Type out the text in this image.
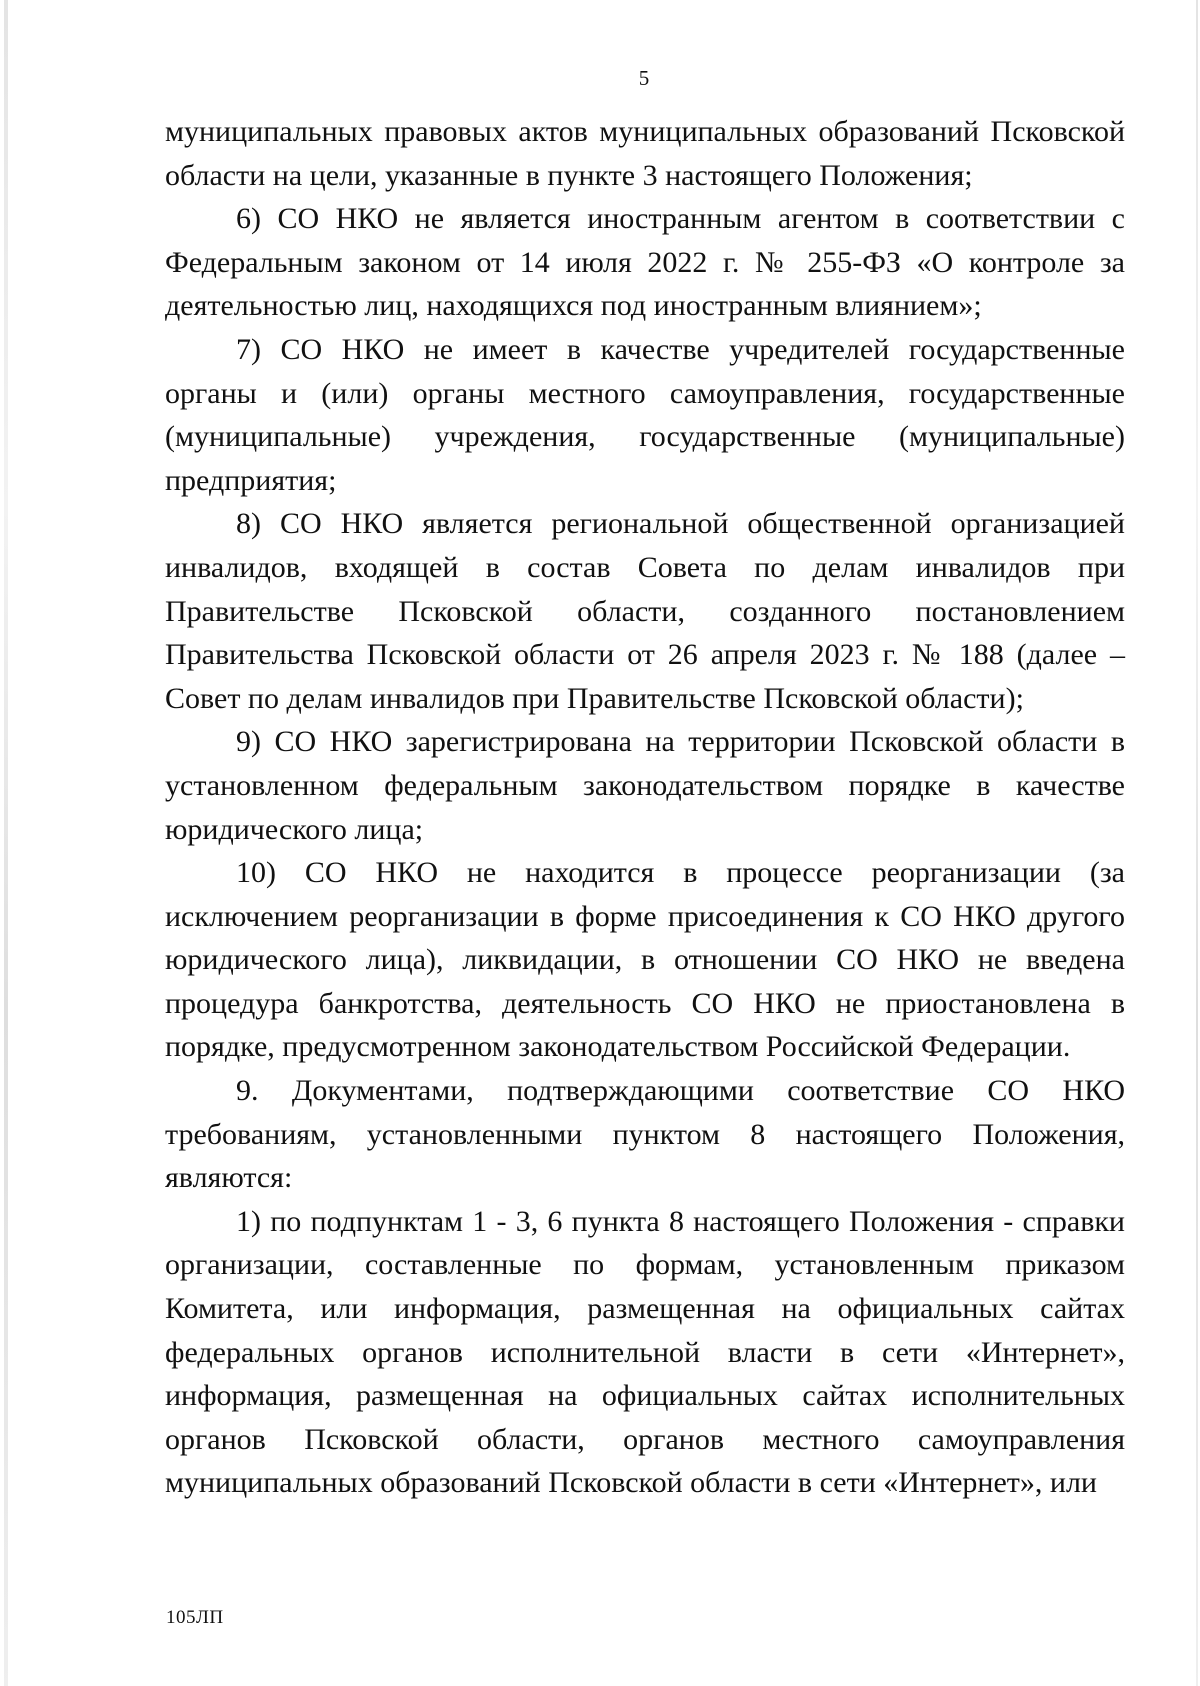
5

муниципальных правовых актов муниципальных образований Псковской области на цели, указанные в пункте 3 настоящего Положения;

6) СО НКО не является иностранным агентом в соответствии с Федеральным законом от 14 июля 2022 г. № 255-ФЗ «О контроле за деятельностью лиц, находящихся под иностранным влиянием»;

7) СО НКО не имеет в качестве учредителей государственные органы и (или) органы местного самоуправления, государственные (муниципальные) учреждения, государственные (муниципальные) предприятия;

8) СО НКО является региональной общественной организацией инвалидов, входящей в состав Совета по делам инвалидов при Правительстве Псковской области, созданного постановлением Правительства Псковской области от 26 апреля 2023 г. № 188 (далее – Совет по делам инвалидов при Правительстве Псковской области);

9) СО НКО зарегистрирована на территории Псковской области в установленном федеральным законодательством порядке в качестве юридического лица;

10) СО НКО не находится в процессе реорганизации (за исключением реорганизации в форме присоединения к СО НКО другого юридического лица), ликвидации, в отношении СО НКО не введена процедура банкротства, деятельность СО НКО не приостановлена в порядке, предусмотренном законодательством Российской Федерации.

9. Документами, подтверждающими соответствие СО НКО требованиям, установленными пунктом 8 настоящего Положения, являются:

1) по подпунктам 1 - 3, 6 пункта 8 настоящего Положения - справки организации, составленные по формам, установленным приказом Комитета, или информация, размещенная на официальных сайтах федеральных органов исполнительной власти в сети «Интернет», информация, размещенная на официальных сайтах исполнительных органов Псковской области, органов местного самоуправления муниципальных образований Псковской области в сети «Интернет», или

105ЛП
